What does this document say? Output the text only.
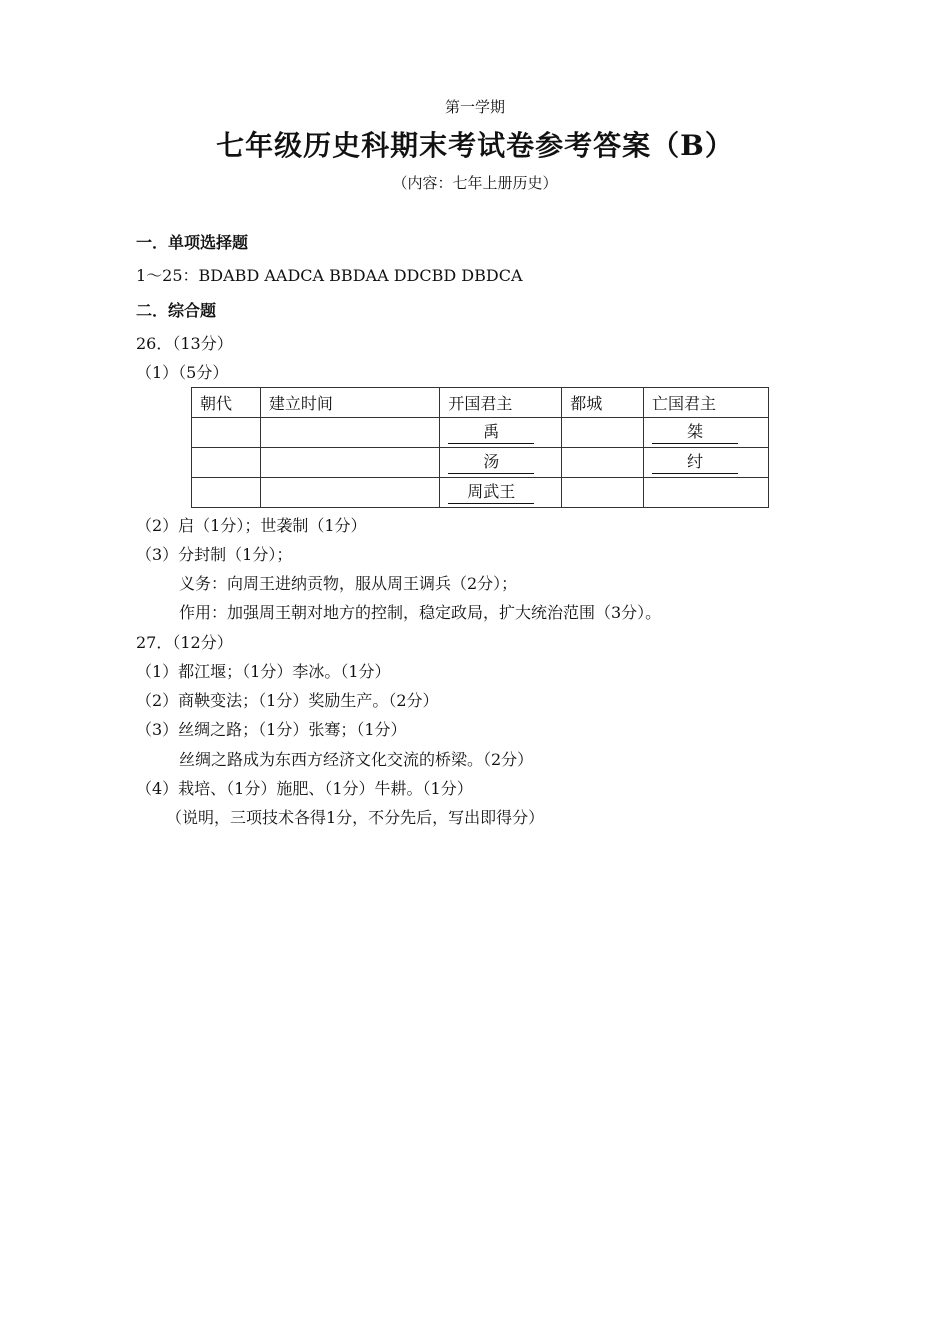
第一学期
七年级历史科期末考试卷参考答案（B）
（内容：七年上册历史）
一．单项选择题
1～25：BDABD AADCA BBDAA DDCBD DBDCA
二．综合题
26．（13分）
（1）（5分）
朝代	建立时间	开国君主	都城	亡国君主
		禹		桀
		汤		纣
		周武王		
（2）启（1分）；世袭制（1分）
（3）分封制（1分）；
义务：向周王进纳贡物，服从周王调兵（2分）；
作用：加强周王朝对地方的控制，稳定政局，扩大统治范围（3分）。
27．（12分）
（1）都江堰；（1分）李冰。（1分）
（2）商鞅变法；（1分）奖励生产。（2分）
（3）丝绸之路；（1分）张骞；（1分）
丝绸之路成为东西方经济文化交流的桥梁。（2分）
（4）栽培、（1分）施肥、（1分）牛耕。（1分）
（说明，三项技术各得1分，不分先后，写出即得分）
